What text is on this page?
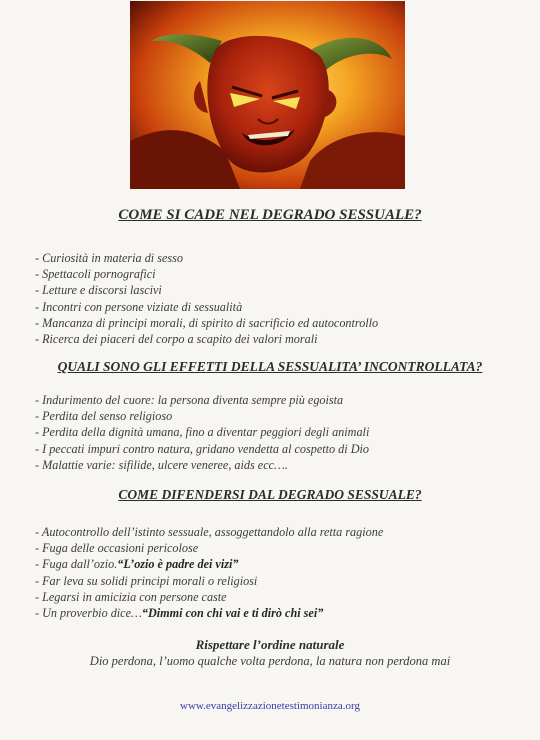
COME SI CADE NEL DEGRADO SESSUALE?
- Curiosità in materia di sesso
- Spettacoli pornografici
- Letture e discorsi lascivi
- Incontri con persone viziate di sessualità
- Mancanza di principi morali, di spirito di sacrificio ed autocontrollo
- Ricerca dei piaceri del corpo a scapito dei valori morali
QUALI SONO GLI EFFETTI DELLA SESSUALITA’ INCONTROLLATA?
- Indurimento del cuore: la persona diventa sempre più egoista
- Perdita del senso religioso
- Perdita della dignità umana, fino a diventar peggiori degli animali
- I peccati impuri contro natura, gridano vendetta al cospetto di Dio
- Malattie varie: sifilide, ulcere veneree, aids ecc….
COME DIFENDERSI DAL DEGRADO SESSUALE?
- Autocontrollo dell’istinto sessuale, assoggettandolo alla retta ragione
- Fuga delle occasioni pericolose
- Fuga dall’ozio.“L’ozio è padre dei vizi”
- Far leva su solidi principi morali o religiosi
- Legarsi in amicizia con persone caste
- Un proverbio dice…“Dimmi con chi vai e ti dirò chi sei”

Rispettare l’ordine naturale

Dio perdona, l’uomo qualche volta perdona, la natura non perdona mai

www.evangelizzazionetestimonianza.org
